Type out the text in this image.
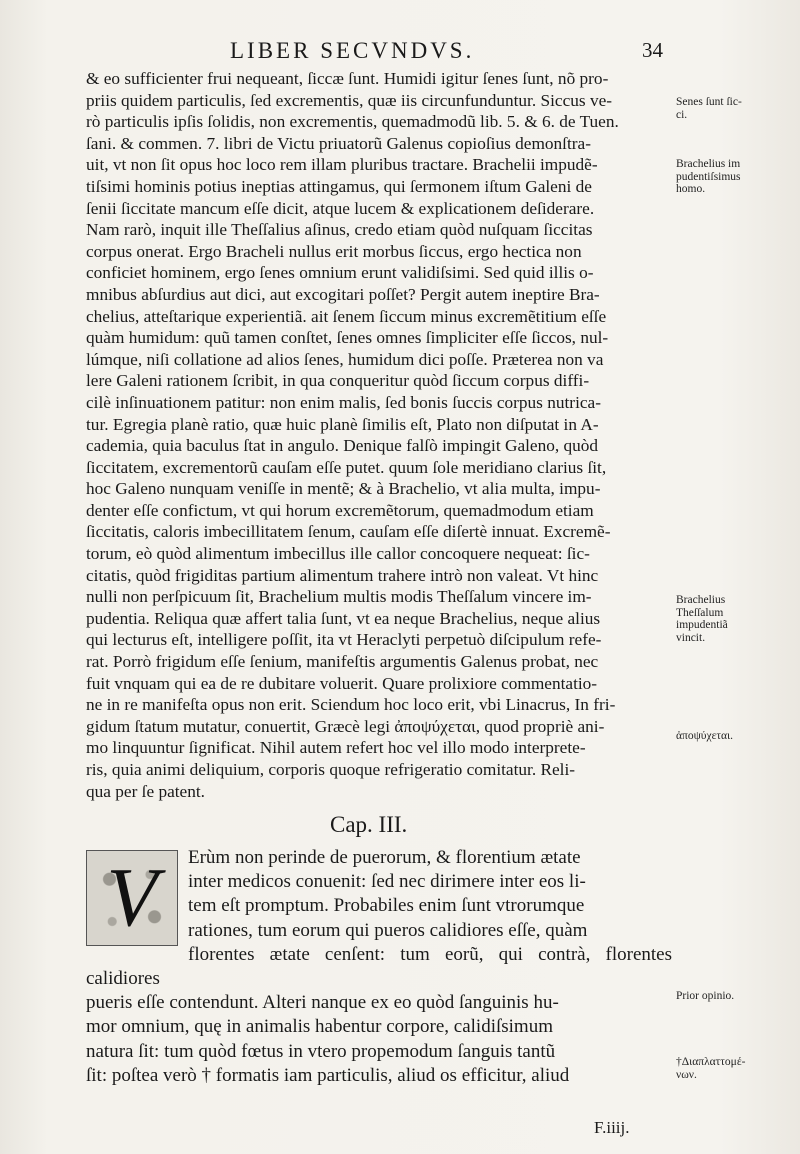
LIBER SECVNDVS.	34

& eo sufficienter frui nequeant, ſiccæ ſunt. Humidi igitur ſenes ſunt, nõ pro-

priis quidem particulis, ſed excrementis, quæ iis circunfunduntur. Siccus ve-

rò particulis ipſis ſolidis, non excrementis, quemadmodũ lib. 5. & 6. de Tuen.

ſani. & commen. 7. libri de Victu priuatorũ Galenus copioſius demonſtra-

uit, vt non ſit opus hoc loco rem illam pluribus tractare. Brachelii impudẽ-

tiſsimi hominis potius ineptias attingamus, qui ſermonem iſtum Galeni de

ſenii ſiccitate mancum eſſe dicit, atque lucem & explicationem deſiderare.

Nam rarò, inquit ille Theſſalius aſinus, credo etiam quòd nuſquam ſiccitas

corpus onerat. Ergo Bracheli nullus erit morbus ſiccus, ergo hectica non

conficiet hominem, ergo ſenes omnium erunt validiſsimi. Sed quid illis o-

mnibus abſurdius aut dici, aut excogitari poſſet? Pergit autem ineptire Bra-

chelius, atteſtarique experientiã. ait ſenem ſiccum minus excremẽtitium eſſe

quàm humidum: quũ tamen conſtet, ſenes omnes ſimpliciter eſſe ſiccos, nul-

lúmque, niſi collatione ad alios ſenes, humidum dici poſſe. Præterea non va

lere Galeni rationem ſcribit, in qua conqueritur quòd ſiccum corpus diffi-

cilè inſinuationem patitur: non enim malis, ſed bonis ſuccis corpus nutrica-

tur. Egregia planè ratio, quæ huic planè ſimilis eſt, Plato non diſputat in A-

cademia, quia baculus ſtat in angulo. Denique falſò impingit Galeno, quòd

ſiccitatem, excrementorũ cauſam eſſe putet. quum ſole meridiano clarius ſit,

hoc Galeno nunquam veniſſe in mentẽ; & à Brachelio, vt alia multa, impu-

denter eſſe confictum, vt qui horum excremẽtorum, quemadmodum etiam

ſiccitatis, caloris imbecillitatem ſenum, cauſam eſſe diſertè innuat. Excremẽ-

torum, eò quòd alimentum imbecillus ille callor concoquere nequeat: ſic-

citatis, quòd frigiditas partium alimentum trahere intrò non valeat. Vt hinc

nulli non perſpicuum ſit, Brachelium multis modis Theſſalum vincere im-

pudentia. Reliqua quæ affert talia ſunt, vt ea neque Brachelius, neque alius

qui lecturus eſt, intelligere poſſit, ita vt Heraclyti perpetuò diſcipulum refe-

rat. Porrò frigidum eſſe ſenium, manifeſtis argumentis Galenus probat, nec

fuit vnquam qui ea de re dubitare voluerit. Quare prolixiore commentatio-

ne in re manifeſta opus non erit. Sciendum hoc loco erit, vbi Linacrus, In fri-

gidum ſtatum mutatur, conuertit, Græcè legi ἀποψύχεται, quod propriè ani-

mo linquuntur ſignificat. Nihil autem refert hoc vel illo modo interprete-

ris, quia animi deliquium, corporis quoque refrigeratio comitatur. Reli-

qua per ſe patent.

Cap. III.
V	Erùm non perinde de puerorum, & florentium ætate
inter medicos conuenit: ſed nec dirimere inter eos li-
tem eſt promptum. Probabiles enim ſunt vtrorumque
rationes, tum eorum qui pueros calidiores eſſe, quàm
florentes ætate cenſent: tum eorũ, qui contrà, florentes calidiores
pueris eſſe contendunt. Alteri nanque ex eo quòd ſanguinis hu-
mor omnium, quę in animalis habentur corpore, calidiſsimum
natura ſit: tum quòd fœtus in vtero propemodum ſanguis tantũ
ſit: poſtea verò † formatis iam particulis, aliud os efficitur, aliud
F.iiij.
Senes ſunt ſic-
ci.
Brachelius im
pudentiſsimus
homo.
Brachelius
Theſſalum
impudentiã
vincit.
ἀποψύχεται.
Prior opinio.
†Διαπλαττομέ-
νων.
